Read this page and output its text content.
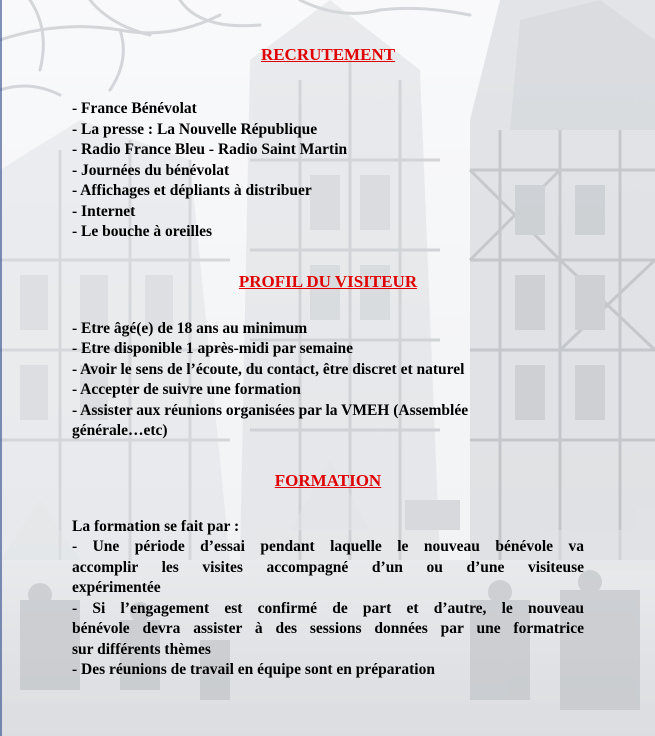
RECRUTEMENT
- France Bénévolat
- La presse : La Nouvelle République
- Radio France Bleu - Radio Saint Martin
- Journées du bénévolat
- Affichages et dépliants à distribuer
- Internet
- Le bouche à oreilles
PROFIL DU VISITEUR
- Etre âgé(e) de 18 ans au minimum
- Etre disponible 1 après-midi par semaine
- Avoir le sens de l’écoute, du contact, être discret et naturel
- Accepter de suivre une formation
- Assister aux réunions organisées par la VMEH (Assemblée
générale…etc)
FORMATION

La formation se fait par :

- Une période d’essai pendant laquelle le nouveau bénévole va

accomplir les visites accompagné d’un ou d’une visiteuse

expérimentée

- Si l’engagement est confirmé de part et d’autre, le nouveau

bénévole devra assister à des sessions données par une formatrice

sur différents thèmes

- Des réunions de travail en équipe sont en préparation
